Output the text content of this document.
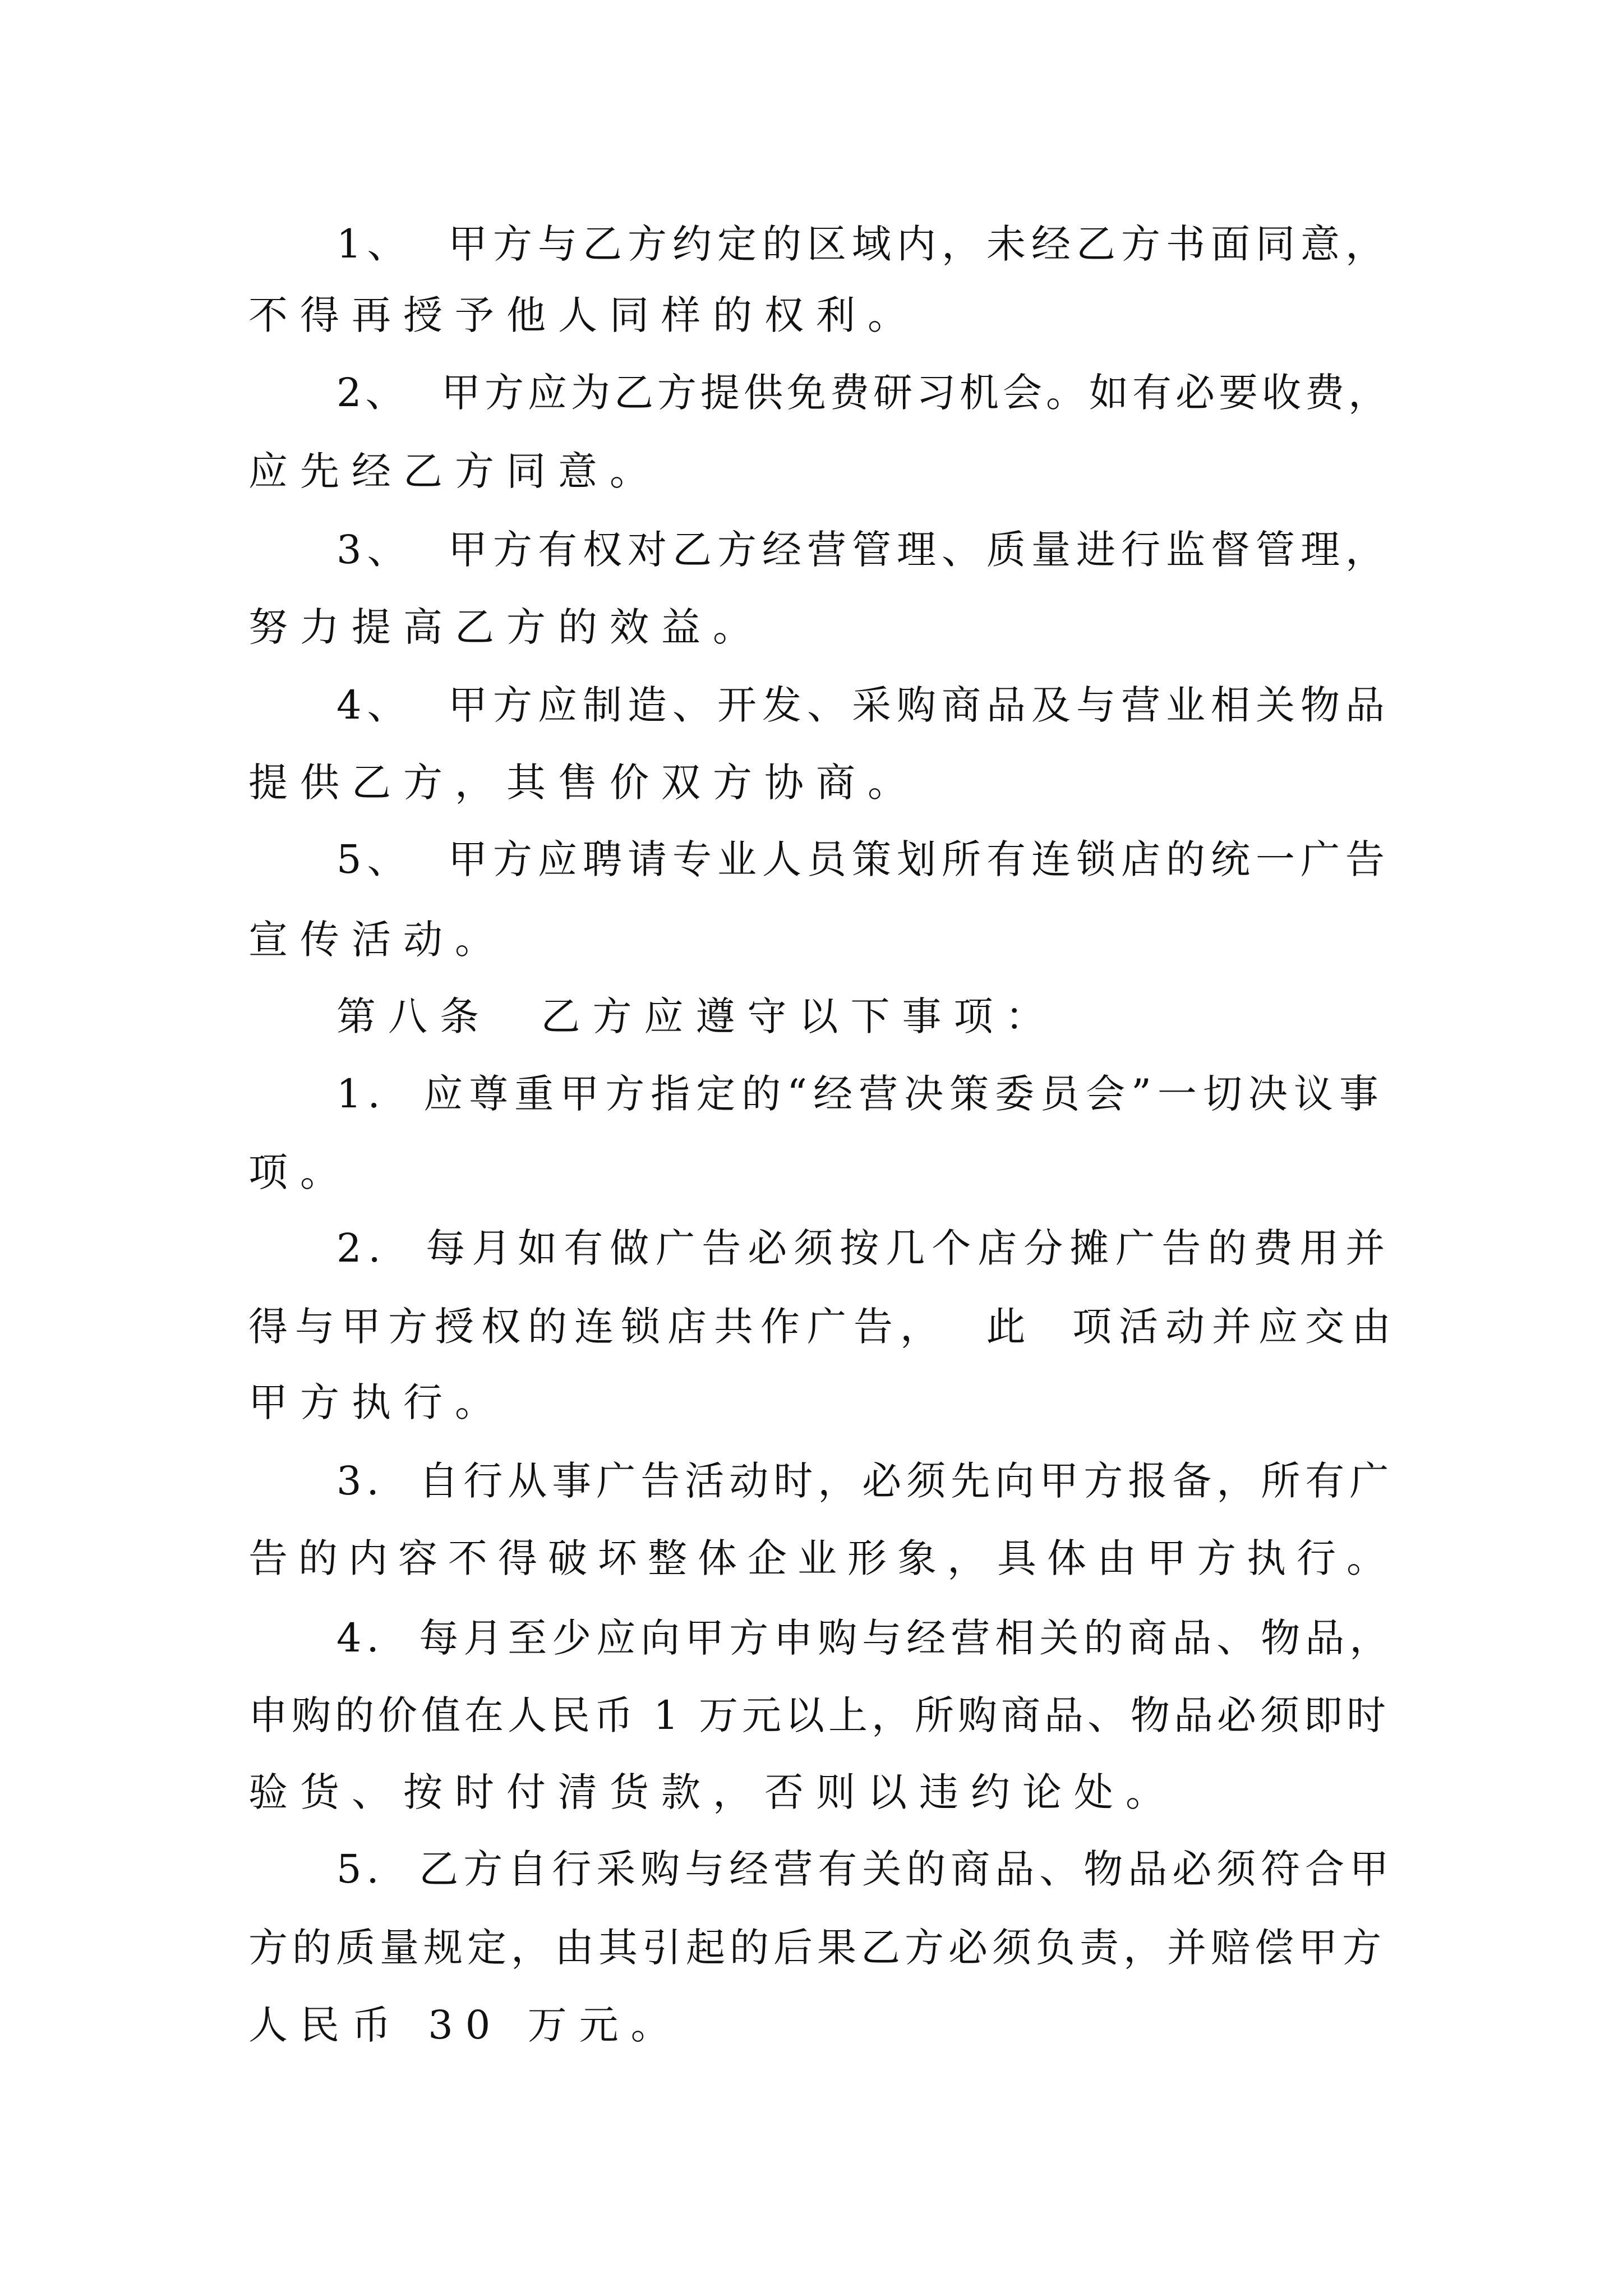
1、  甲方与乙方约定的区域内，未经乙方书面同意，
不得再授予他人同样的权利。
2、  甲方应为乙方提供免费研习机会。如有必要收费，
应先经乙方同意。
3、  甲方有权对乙方经营管理、质量进行监督管理，
努力提高乙方的效益。
4、  甲方应制造、开发、采购商品及与营业相关物品
提供乙方，其售价双方协商。
5、  甲方应聘请专业人员策划所有连锁店的统一广告
宣传活动。
第八条  乙方应遵守以下事项：
1.  应尊重甲方指定的“经营决策委员会”一切决议事
项。
2.  每月如有做广告必须按几个店分摊广告的费用并
得与甲方授权的连锁店共作广告，  此  项活动并应交由
甲方执行。
3.  自行从事广告活动时，必须先向甲方报备，所有广
告的内容不得破坏整体企业形象，具体由甲方执行。
4.  每月至少应向甲方申购与经营相关的商品、物品，
申购的价值在人民币 1 万元以上，所购商品、物品必须即时
验货、按时付清货款，否则以违约论处。
5.  乙方自行采购与经营有关的商品、物品必须符合甲
方的质量规定，由其引起的后果乙方必须负责，并赔偿甲方
人民币 30 万元。
